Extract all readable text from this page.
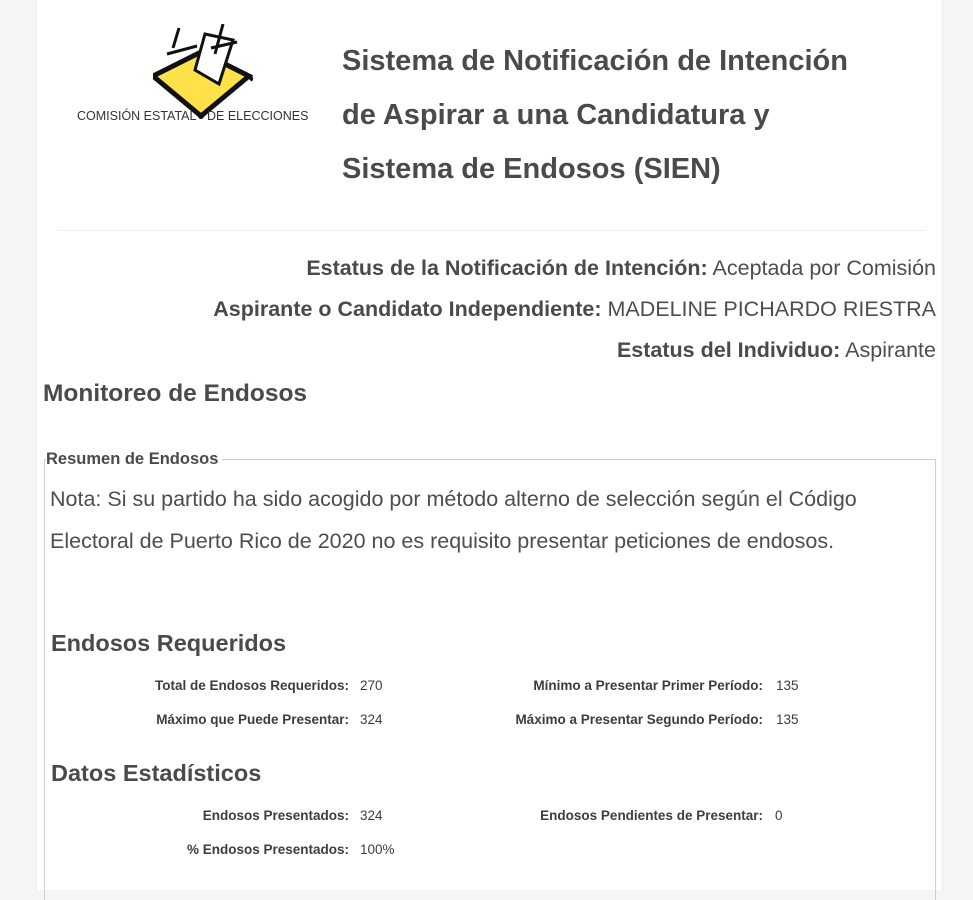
COMISIÓN ESTATAL DE ELECCIONES
Sistema de Notificación de Intención
de Aspirar a una Candidatura y
Sistema de Endosos (SIEN)
Estatus de la Notificación de Intención: Aceptada por Comisión
Aspirante o Candidato Independiente: MADELINE PICHARDO RIESTRA
Estatus del Individuo: Aspirante
Monitoreo de Endosos
Resumen de Endosos

Nota: Si su partido ha sido acogido por método alterno de selección según el Código Electoral de Puerto Rico de 2020 no es requisito presentar peticiones de endosos.

Endosos Requeridos
Total de Endosos Requeridos: 270
Máximo que Puede Presentar: 324
Mínimo a Presentar Primer Período: 135
Máximo a Presentar Segundo Período: 135
Datos Estadísticos
Endosos Presentados: 324
% Endosos Presentados: 100%
Endosos Pendientes de Presentar: 0
